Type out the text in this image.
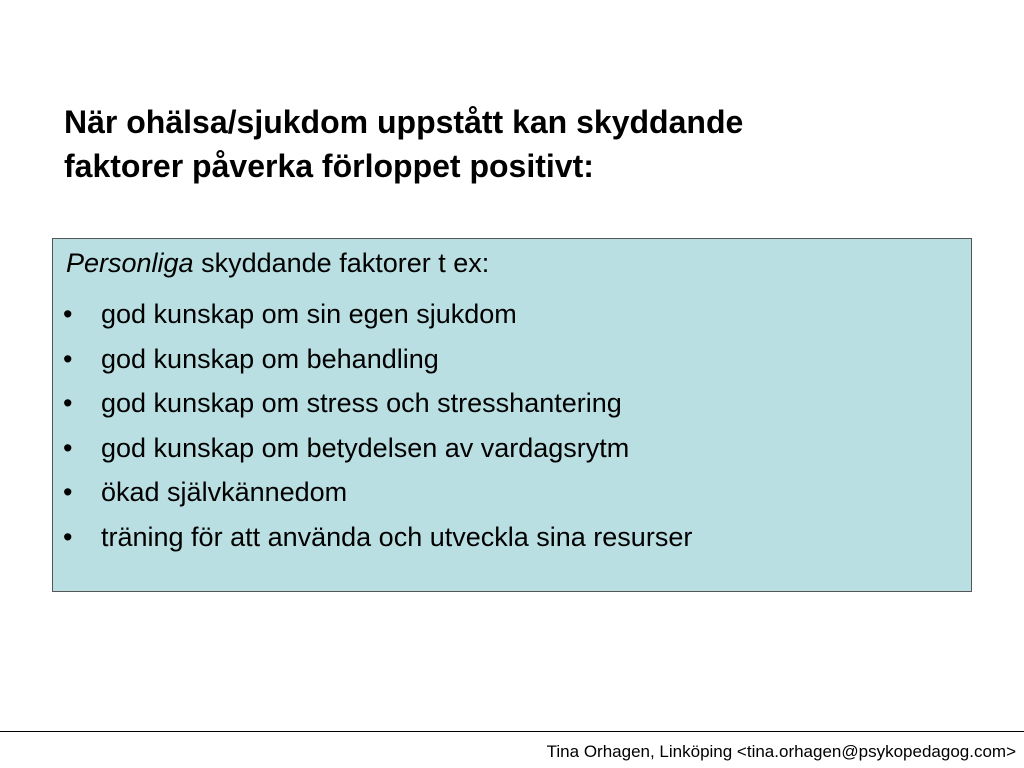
När ohälsa/sjukdom uppstått kan skyddande
faktorer påverka förloppet positivt:
Personliga skyddande faktorer t ex:
• god kunskap om sin egen sjukdom
• god kunskap om behandling
• god kunskap om stress och stresshantering
• god kunskap om betydelsen av vardagsrytm
• ökad självkännedom
• träning för att använda och utveckla sina resurser
Tina Orhagen, Linköping <tina.orhagen@psykopedagog.com>
